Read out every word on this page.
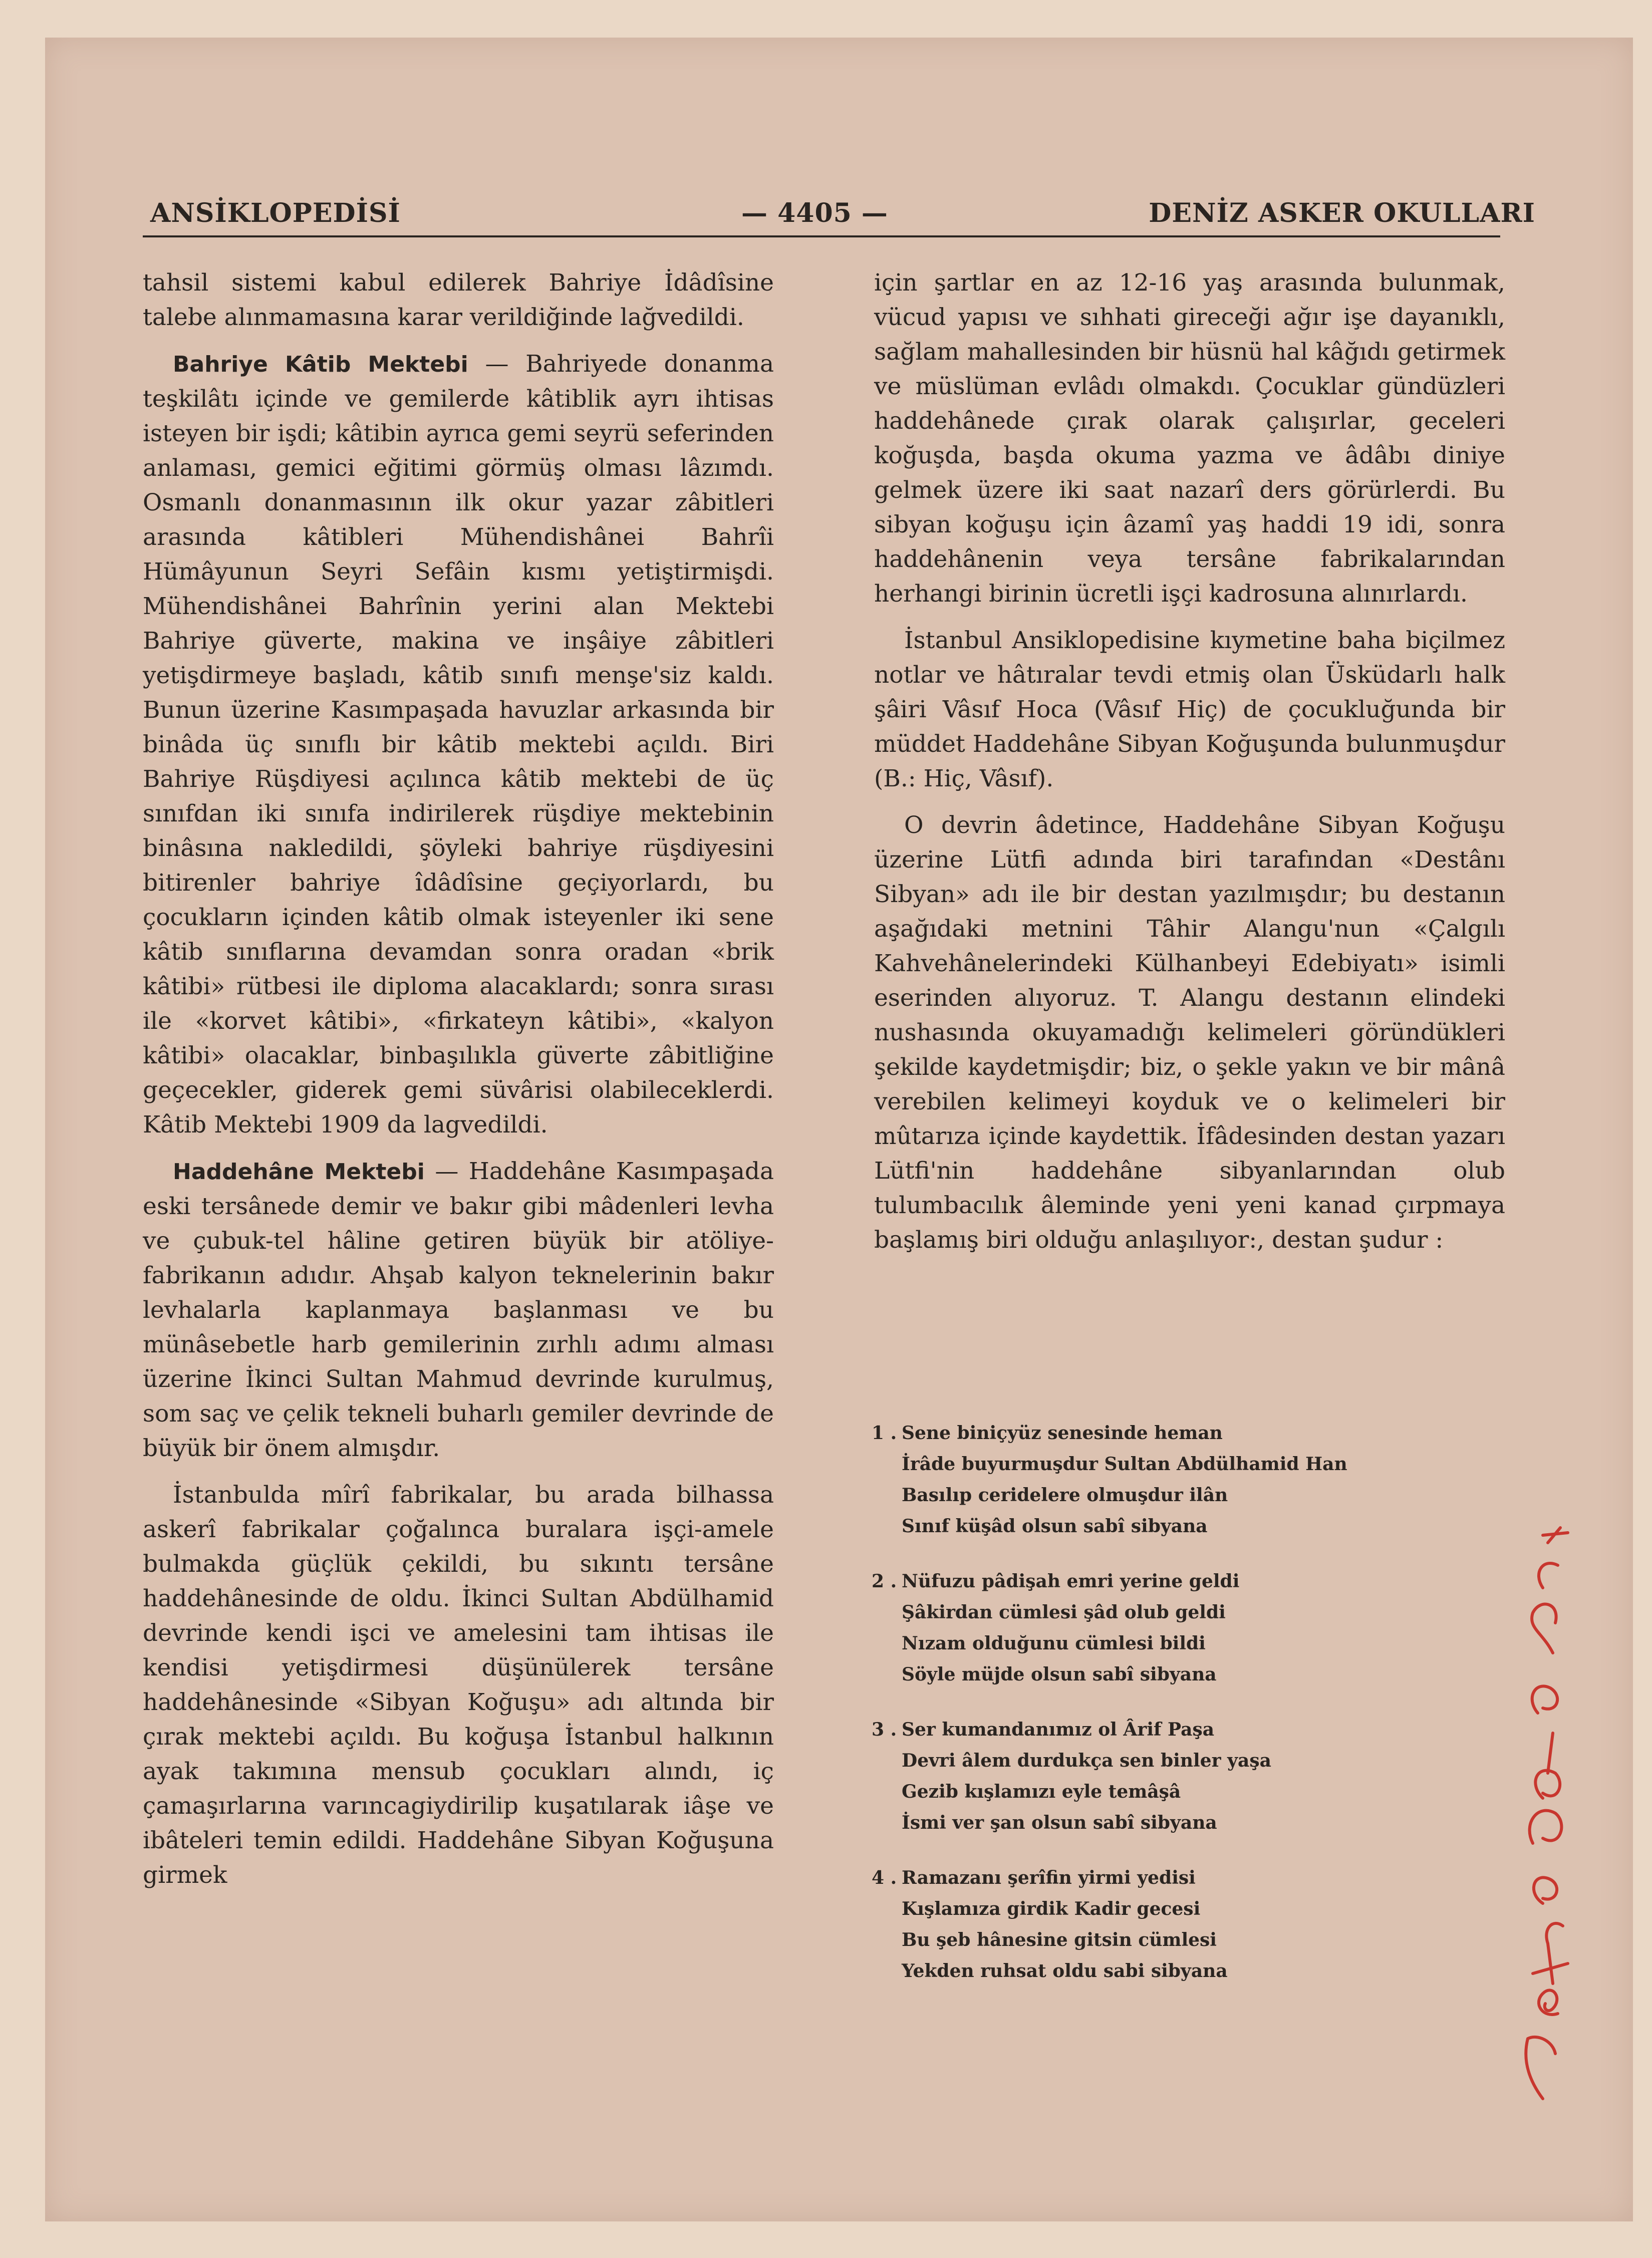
ANSİKLOPEDİSİ	— 4405 —	DENİZ ASKER OKULLARI

tahsil sistemi kabul edilerek Bahriye İdâdîsine talebe alınmamasına karar verildiğinde lağvedildi.

Bahriye Kâtib Mektebi — Bahriyede donanma teşkilâtı içinde ve gemilerde kâtiblik ayrı ihtisas isteyen bir işdi; kâtibin ayrıca gemi seyrü seferinden anlaması, gemici eğitimi görmüş olması lâzımdı. Osmanlı donanmasının ilk okur yazar zâbitleri arasında kâtibleri Mühendishânei Bahrîi Hümâyunun Seyri Sefâin kısmı yetiştirmişdi. Mühendishânei Bahrînin yerini alan Mektebi Bahriye güverte, makina ve inşâiye zâbitleri yetişdirmeye başladı, kâtib sınıfı menşe'siz kaldı. Bunun üzerine Kasımpaşada havuzlar arkasında bir binâda üç sınıflı bir kâtib mektebi açıldı. Biri Bahriye Rüşdiyesi açılınca kâtib mektebi de üç sınıfdan iki sınıfa indirilerek rüşdiye mektebinin binâsına nakledildi, şöyleki bahriye rüşdiyesini bitirenler bahriye îdâdîsine geçiyorlardı, bu çocukların içinden kâtib olmak isteyenler iki sene kâtib sınıflarına devamdan sonra oradan «brik kâtibi» rütbesi ile diploma alacaklardı; sonra sırası ile «korvet kâtibi», «firkateyn kâtibi», «kalyon kâtibi» olacaklar, binbaşılıkla güverte zâbitliğine geçecekler, giderek gemi süvârisi olabileceklerdi. Kâtib Mektebi 1909 da lagvedildi.

Haddehâne Mektebi — Haddehâne Kasımpaşada eski tersânede demir ve bakır gibi mâdenleri levha ve çubuk-tel hâline getiren büyük bir atöliye- fabrikanın adıdır. Ahşab kalyon teknelerinin bakır levhalarla kaplanmaya başlanması ve bu münâsebetle harb gemilerinin zırhlı adımı alması üzerine İkinci Sultan Mahmud devrinde kurulmuş, som saç ve çelik tekneli buharlı gemiler devrinde de büyük bir önem almışdır.

İstanbulda mîrî fabrikalar, bu arada bilhassa askerî fabrikalar çoğalınca buralara işçi-amele bulmakda güçlük çekildi, bu sıkıntı tersâne haddehânesinde de oldu. İkinci Sultan Abdülhamid devrinde kendi işci ve amelesini tam ihtisas ile kendisi yetişdirmesi düşünülerek tersâne haddehânesinde «Sibyan Koğuşu» adı altında bir çırak mektebi açıldı. Bu koğuşa İstanbul halkının ayak takımına mensub çocukları alındı, iç çamaşırlarına varıncagiydirilip kuşatılarak iâşe ve ibâteleri temin edildi. Haddehâne Sibyan Koğuşuna girmek

için şartlar en az 12-16 yaş arasında bulunmak, vücud yapısı ve sıhhati gireceği ağır işe dayanıklı, sağlam mahallesinden bir hüsnü hal kâğıdı getirmek ve müslüman evlâdı olmakdı. Çocuklar gündüzleri haddehânede çırak olarak çalışırlar, geceleri koğuşda, başda okuma yazma ve âdâbı diniye gelmek üzere iki saat nazarî ders görürlerdi. Bu sibyan koğuşu için âzamî yaş haddi 19 idi, sonra haddehânenin veya tersâne fabrikalarından herhangi birinin ücretli işçi kadrosuna alınırlardı.

İstanbul Ansiklopedisine kıymetine baha biçilmez notlar ve hâtıralar tevdi etmiş olan Üsküdarlı halk şâiri Vâsıf Hoca (Vâsıf Hiç) de çocukluğunda bir müddet Haddehâne Sibyan Koğuşunda bulunmuşdur (B.: Hiç, Vâsıf).

O devrin âdetince, Haddehâne Sibyan Koğuşu üzerine Lütfi adında biri tarafından «Destânı Sibyan» adı ile bir destan yazılmışdır; bu destanın aşağıdaki metnini Tâhir Alangu'nun «Çalgılı Kahvehânelerindeki Külhanbeyi Edebiyatı» isimli eserinden alıyoruz. T. Alangu destanın elindeki nushasında okuyamadığı kelimeleri göründükleri şekilde kaydetmişdir; biz, o şekle yakın ve bir mânâ verebilen kelimeyi koyduk ve o kelimeleri bir mûtarıza içinde kaydettik. İfâdesinden destan yazarı Lütfi'nin haddehâne sibyanlarından olub tulumbacılık âleminde yeni yeni kanad çırpmaya başlamış biri olduğu anlaşılıyor:, destan şudur :

1 . Sene biniçyüz senesinde heman
İrâde buyurmuşdur Sultan Abdülhamid Han
Basılıp ceridelere olmuşdur ilân
Sınıf küşâd olsun sabî sibyana
2 . Nüfuzu pâdişah emri yerine geldi
Şâkirdan cümlesi şâd olub geldi
Nızam olduğunu cümlesi bildi
Söyle müjde olsun sabî sibyana
3 . Ser kumandanımız ol Ârif Paşa
Devri âlem durdukça sen binler yaşa
Gezib kışlamızı eyle temâşâ
İsmi ver şan olsun sabî sibyana
4 . Ramazanı şerîfin yirmi yedisi
Kışlamıza girdik Kadir gecesi
Bu şeb hânesine gitsin cümlesi
Yekden ruhsat oldu sabi sibyana
